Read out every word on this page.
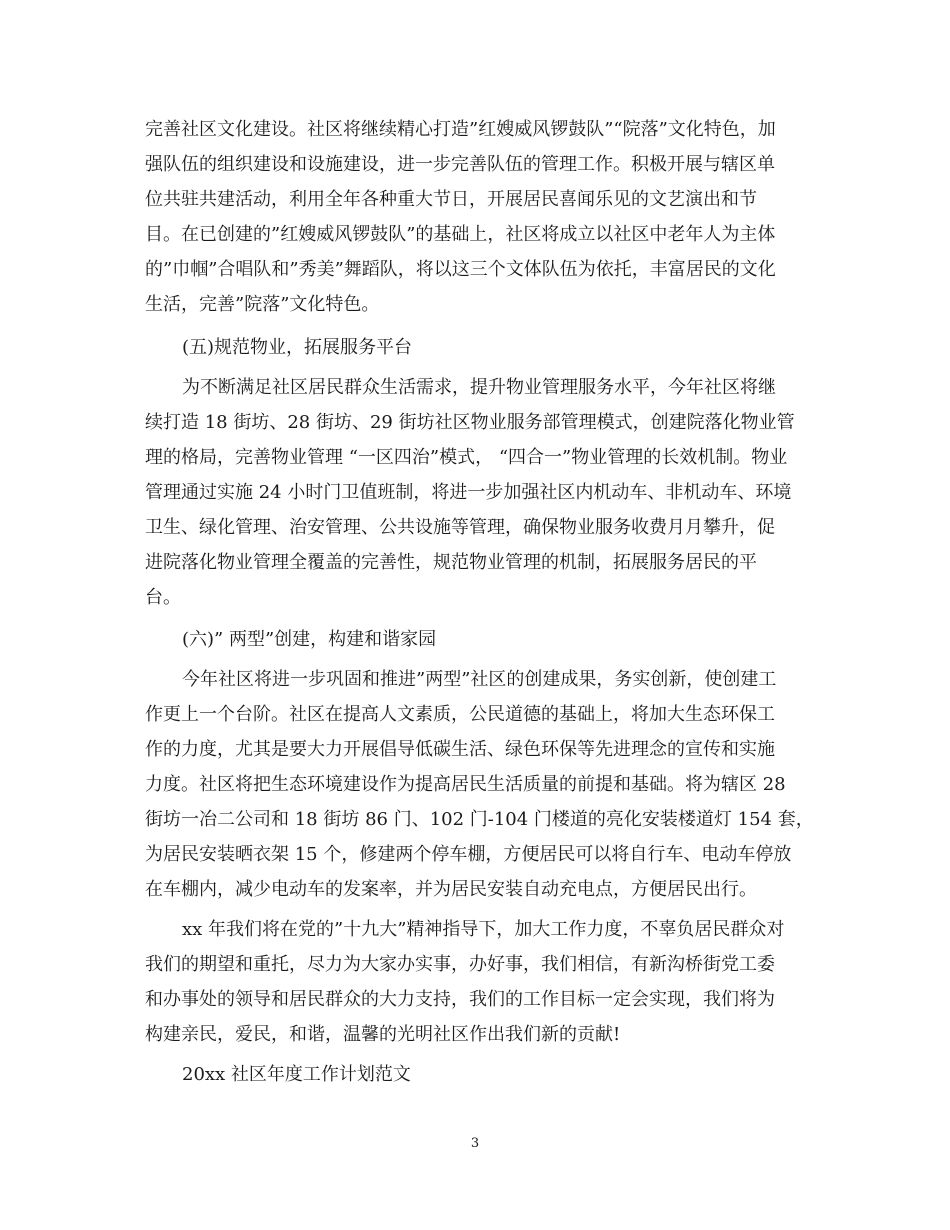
完善社区文化建设。社区将继续精心打造”红嫂威风锣鼓队”“院落”文化特色，加
强队伍的组织建设和设施建设，进一步完善队伍的管理工作。积极开展与辖区单
位共驻共建活动，利用全年各种重大节日，开展居民喜闻乐见的文艺演出和节
目。在已创建的”红嫂威风锣鼓队”的基础上，社区将成立以社区中老年人为主体
的”巾帼”合唱队和”秀美”舞蹈队，将以这三个文体队伍为依托，丰富居民的文化
生活，完善”院落”文化特色。
(五)规范物业，拓展服务平台
为不断满足社区居民群众生活需求，提升物业管理服务水平，今年社区将继
续打造 18 街坊、28 街坊、29 街坊社区物业服务部管理模式，创建院落化物业管
理的格局，完善物业管理 “一区四治”模式， “四合一”物业管理的长效机制。物业
管理通过实施 24 小时门卫值班制，将进一步加强社区内机动车、非机动车、环境
卫生、绿化管理、治安管理、公共设施等管理，确保物业服务收费月月攀升，促
进院落化物业管理全覆盖的完善性，规范物业管理的机制，拓展服务居民的平
台。
(六)” 两型”创建，构建和谐家园
今年社区将进一步巩固和推进”两型”社区的创建成果，务实创新，使创建工
作更上一个台阶。社区在提高人文素质，公民道德的基础上，将加大生态环保工
作的力度，尤其是要大力开展倡导低碳生活、绿色环保等先进理念的宣传和实施
力度。社区将把生态环境建设作为提高居民生活质量的前提和基础。将为辖区 28
街坊一冶二公司和 18 街坊 86 门、102 门-104 门楼道的亮化安装楼道灯 154 套，
为居民安装晒衣架 15 个，修建两个停车棚，方便居民可以将自行车、电动车停放
在车棚内，减少电动车的发案率，并为居民安装自动充电点，方便居民出行。
xx 年我们将在党的”十九大”精神指导下，加大工作力度，不辜负居民群众对
我们的期望和重托，尽力为大家办实事，办好事，我们相信，有新沟桥街党工委
和办事处的领导和居民群众的大力支持，我们的工作目标一定会实现，我们将为
构建亲民，爱民，和谐，温馨的光明社区作出我们新的贡献!
20xx 社区年度工作计划范文
3
